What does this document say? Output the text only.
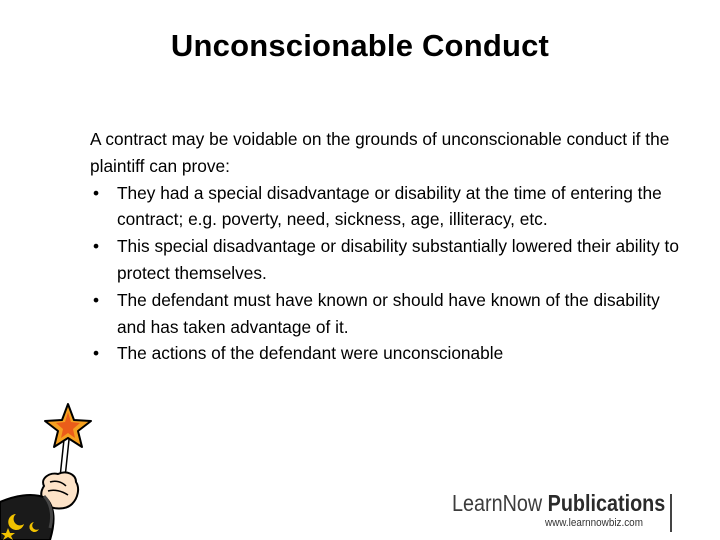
Unconscionable Conduct

A contract may be voidable on the grounds of unconscionable conduct if the plaintiff can prove:

• They had a special disadvantage or disability at the time of entering the contract; e.g. poverty, need, sickness, age, illiteracy, etc.
• This special disadvantage or disability substantially lowered their ability to protect themselves.
• The defendant must have known or should have known of the disability and has taken advantage of it.
• The actions of the defendant were unconscionable
LearnNow Publications
www.learnnowbiz.com
